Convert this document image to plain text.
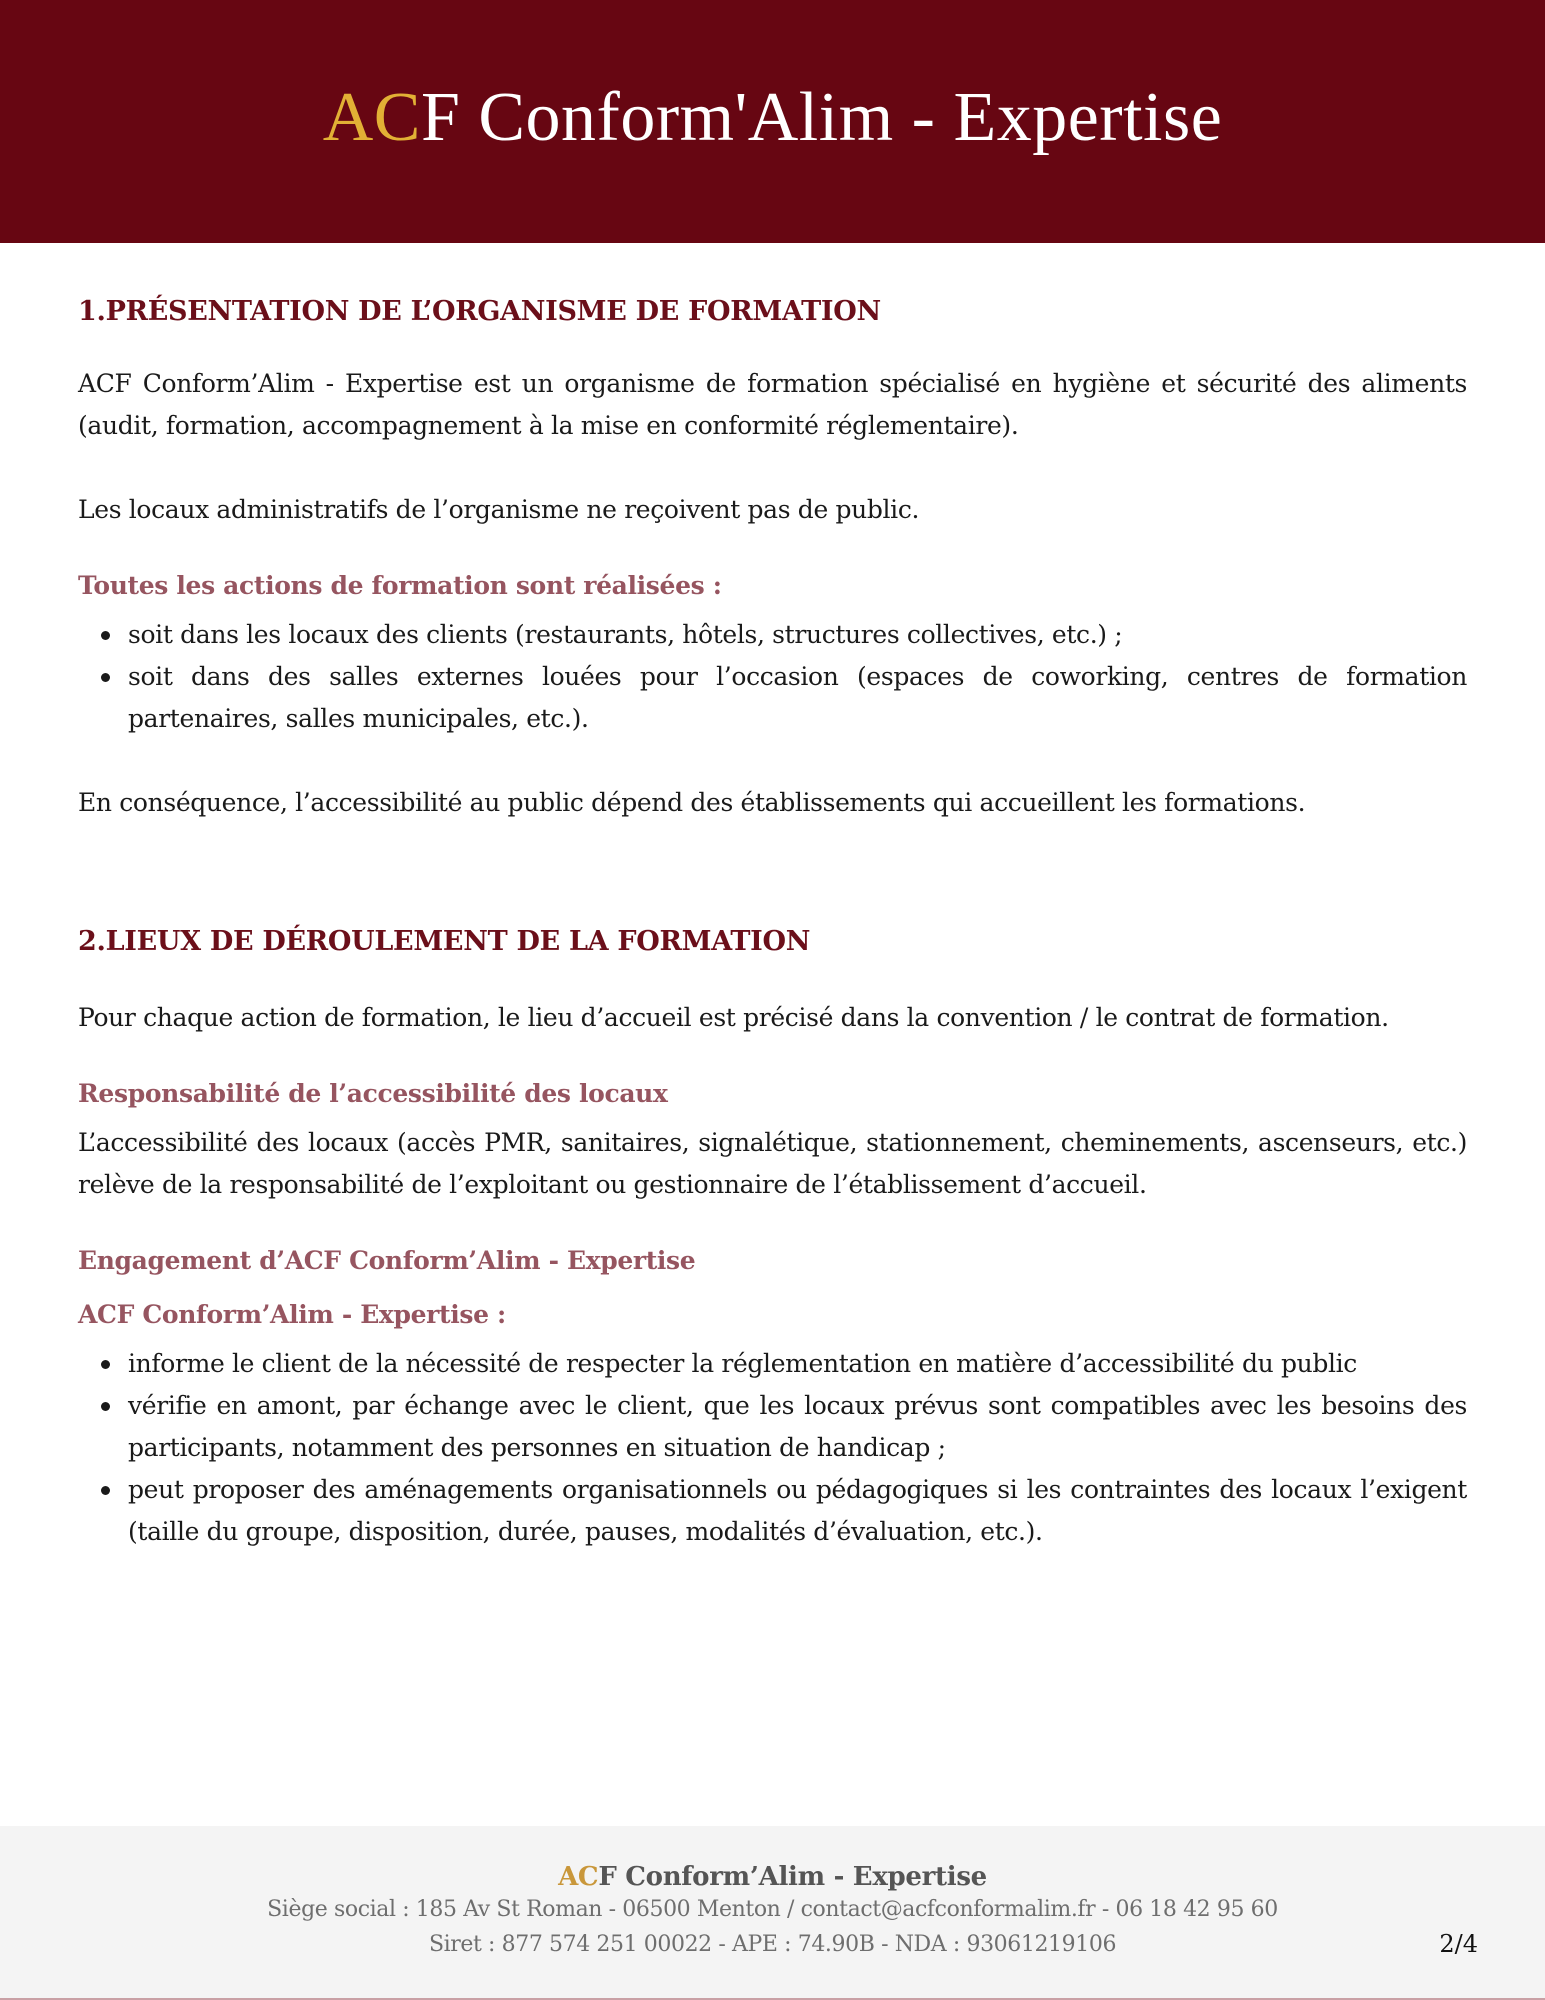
ACF Conform'Alim - Expertise
1.PRÉSENTATION DE L’ORGANISME DE FORMATION

ACF Conform’Alim - Expertise est un organisme de formation spécialisé en hygiène et sécurité des aliments (audit, formation, accompagnement à la mise en conformité réglementaire).

Les locaux administratifs de l’organisme ne reçoivent pas de public.

Toutes les actions de formation sont réalisées :
soit dans les locaux des clients (restaurants, hôtels, structures collectives, etc.) ;
soit dans des salles externes louées pour l’occasion (espaces de coworking, centres de formation partenaires, salles municipales, etc.).

En conséquence, l’accessibilité au public dépend des établissements qui accueillent les formations.

2.LIEUX DE DÉROULEMENT DE LA FORMATION

Pour chaque action de formation, le lieu d’accueil est précisé dans la convention / le contrat de formation.

Responsabilité de l’accessibilité des locaux

L’accessibilité des locaux (accès PMR, sanitaires, signalétique, stationnement, cheminements, ascenseurs, etc.) relève de la responsabilité de l’exploitant ou gestionnaire de l’établissement d’accueil.

Engagement d’ACF Conform’Alim - Expertise
ACF Conform’Alim - Expertise :
informe le client de la nécessité de respecter la réglementation en matière d’accessibilité du public
vérifie en amont, par échange avec le client, que les locaux prévus sont compatibles avec les besoins des participants, notamment des personnes en situation de handicap ;
peut proposer des aménagements organisationnels ou pédagogiques si les contraintes des locaux l’exigent (taille du groupe, disposition, durée, pauses, modalités d’évaluation, etc.).
ACF Conform’Alim - Expertise
Siège social : 185 Av St Roman - 06500 Menton / contact@acfconformalim.fr - 06 18 42 95 60
Siret : 877 574 251 00022 - APE : 74.90B - NDA : 93061219106	2/4
